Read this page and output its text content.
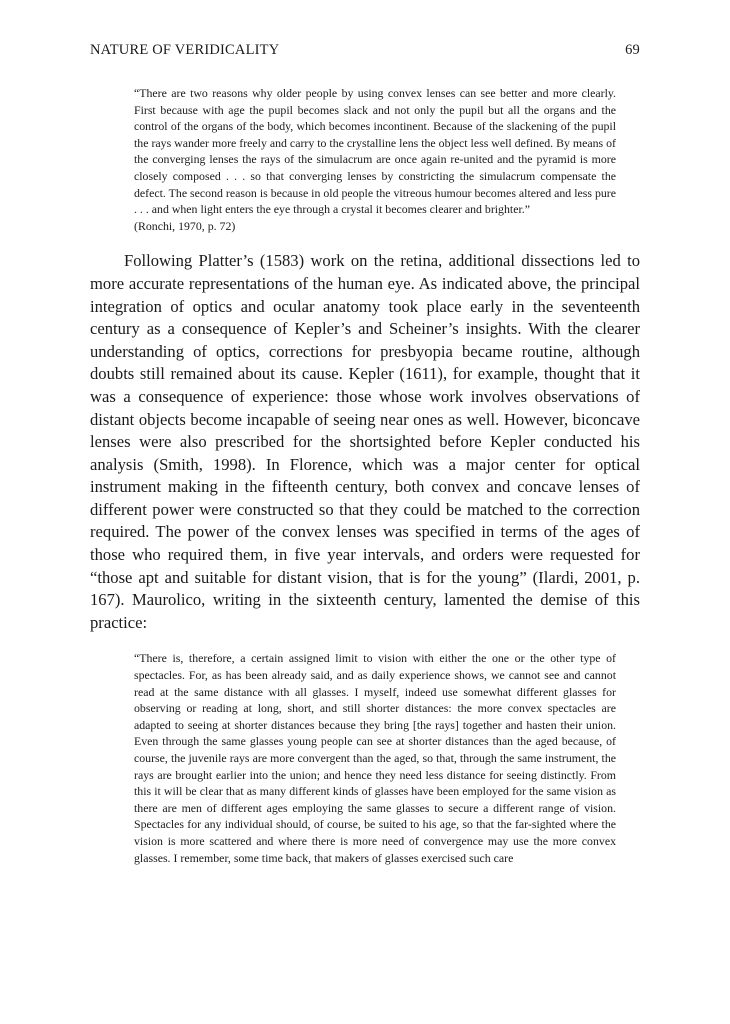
NATURE OF VERIDICALITY	69

“There are two reasons why older people by using convex lenses can see better and more clearly. First because with age the pupil becomes slack and not only the pupil but all the organs and the control of the organs of the body, which becomes incontinent. Because of the slackening of the pupil the rays wander more freely and carry to the crystalline lens the object less well defined. By means of the converging lenses the rays of the simulacrum are once again re-united and the pyramid is more closely composed . . . so that converging lenses by constricting the simulacrum compensate the defect. The second reason is because in old people the vitreous humour becomes altered and less pure . . . and when light enters the eye through a crystal it becomes clearer and brighter.”

(Ronchi, 1970, p. 72)

Following Platter’s (1583) work on the retina, additional dissections led to more accurate representations of the human eye. As indicated above, the principal integration of optics and ocular anatomy took place early in the seventeenth century as a consequence of Kepler’s and Scheiner’s insights. With the clearer understanding of optics, corrections for presbyopia became routine, although doubts still remained about its cause. Kepler (1611), for example, thought that it was a consequence of experience: those whose work involves observations of distant objects become incapable of seeing near ones as well. However, biconcave lenses were also prescribed for the shortsighted before Kepler conducted his analysis (Smith, 1998). In Florence, which was a major center for optical instrument making in the fifteenth century, both convex and concave lenses of different power were constructed so that they could be matched to the correction required. The power of the convex lenses was specified in terms of the ages of those who required them, in five year intervals, and orders were requested for “those apt and suitable for distant vision, that is for the young” (Ilardi, 2001, p. 167). Maurolico, writing in the sixteenth century, lamented the demise of this practice:

“There is, therefore, a certain assigned limit to vision with either the one or the other type of spectacles. For, as has been already said, and as daily experience shows, we cannot see and cannot read at the same distance with all glasses. I myself, indeed use somewhat different glasses for observing or reading at long, short, and still shorter distances: the more convex spectacles are adapted to seeing at shorter distances because they bring [the rays] together and hasten their union. Even through the same glasses young people can see at shorter distances than the aged because, of course, the juvenile rays are more convergent than the aged, so that, through the same instrument, the rays are brought earlier into the union; and hence they need less distance for seeing distinctly. From this it will be clear that as many different kinds of glasses have been employed for the same vision as there are men of different ages employing the same glasses to secure a different range of vision. Spectacles for any individual should, of course, be suited to his age, so that the far-sighted where the vision is more scattered and where there is more need of convergence may use the more convex glasses. I remember, some time back, that makers of glasses exercised such care
